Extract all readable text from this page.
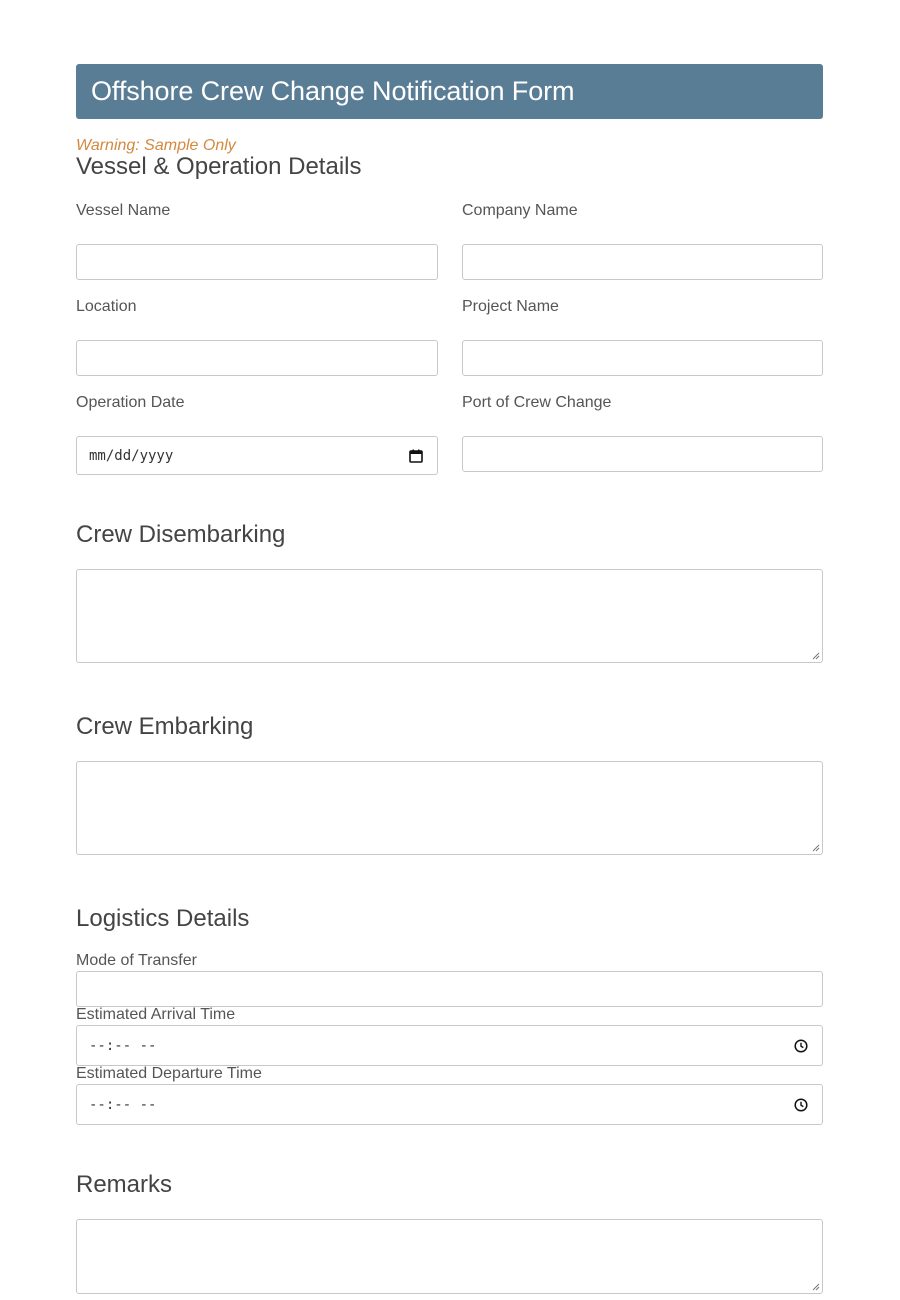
Offshore Crew Change Notification Form
Warning: Sample Only
Vessel & Operation Details
Vessel Name	Company Name
Location	Project Name
Operation Date	Port of Crew Change
mm/dd/yyyy
Crew Disembarking
Crew Embarking
Logistics Details
Mode of Transfer
Estimated Arrival Time
--:-- --
Estimated Departure Time
--:-- --
Remarks
